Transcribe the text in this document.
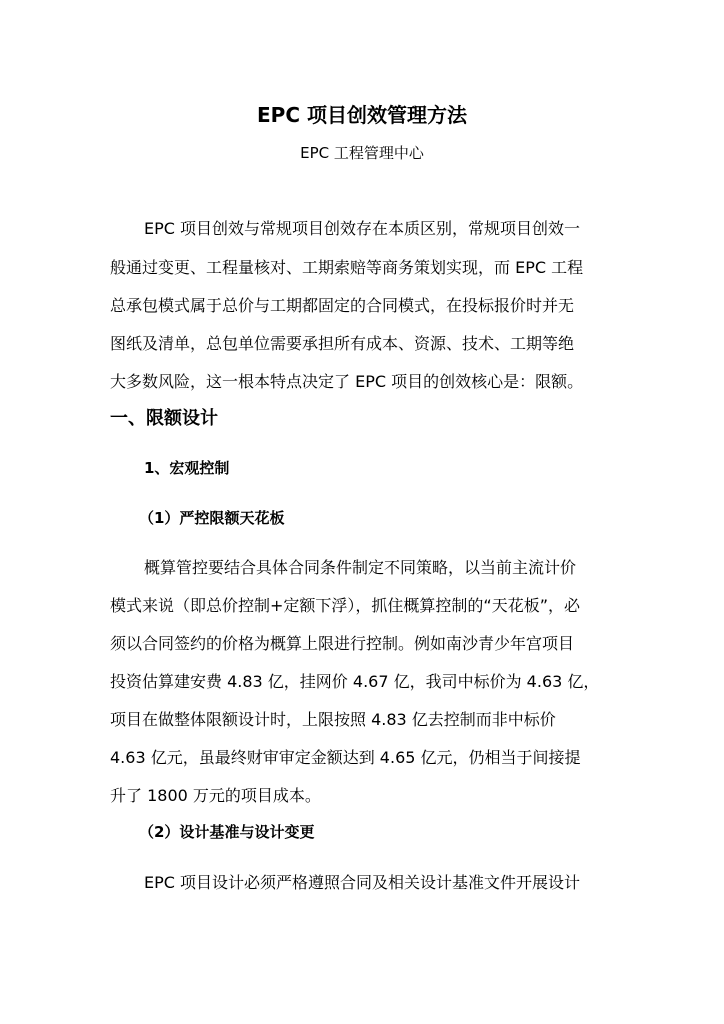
EPC 项目创效管理方法
EPC 工程管理中心
EPC 项目创效与常规项目创效存在本质区别，常规项目创效一
般通过变更、工程量核对、工期索赔等商务策划实现，而 EPC 工程
总承包模式属于总价与工期都固定的合同模式，在投标报价时并无
图纸及清单，总包单位需要承担所有成本、资源、技术、工期等绝
大多数风险，这一根本特点决定了 EPC 项目的创效核心是：限额。
一、限额设计
1、宏观控制
（1）严控限额天花板
概算管控要结合具体合同条件制定不同策略，以当前主流计价
模式来说（即总价控制+定额下浮），抓住概算控制的“天花板”，必
须以合同签约的价格为概算上限进行控制。例如南沙青少年宫项目
投资估算建安费 4.83 亿，挂网价 4.67 亿，我司中标价为 4.63 亿，
项目在做整体限额设计时，上限按照 4.83 亿去控制而非中标价
4.63 亿元，虽最终财审审定金额达到 4.65 亿元，仍相当于间接提
升了 1800 万元的项目成本。
（2）设计基准与设计变更
EPC 项目设计必须严格遵照合同及相关设计基准文件开展设计
